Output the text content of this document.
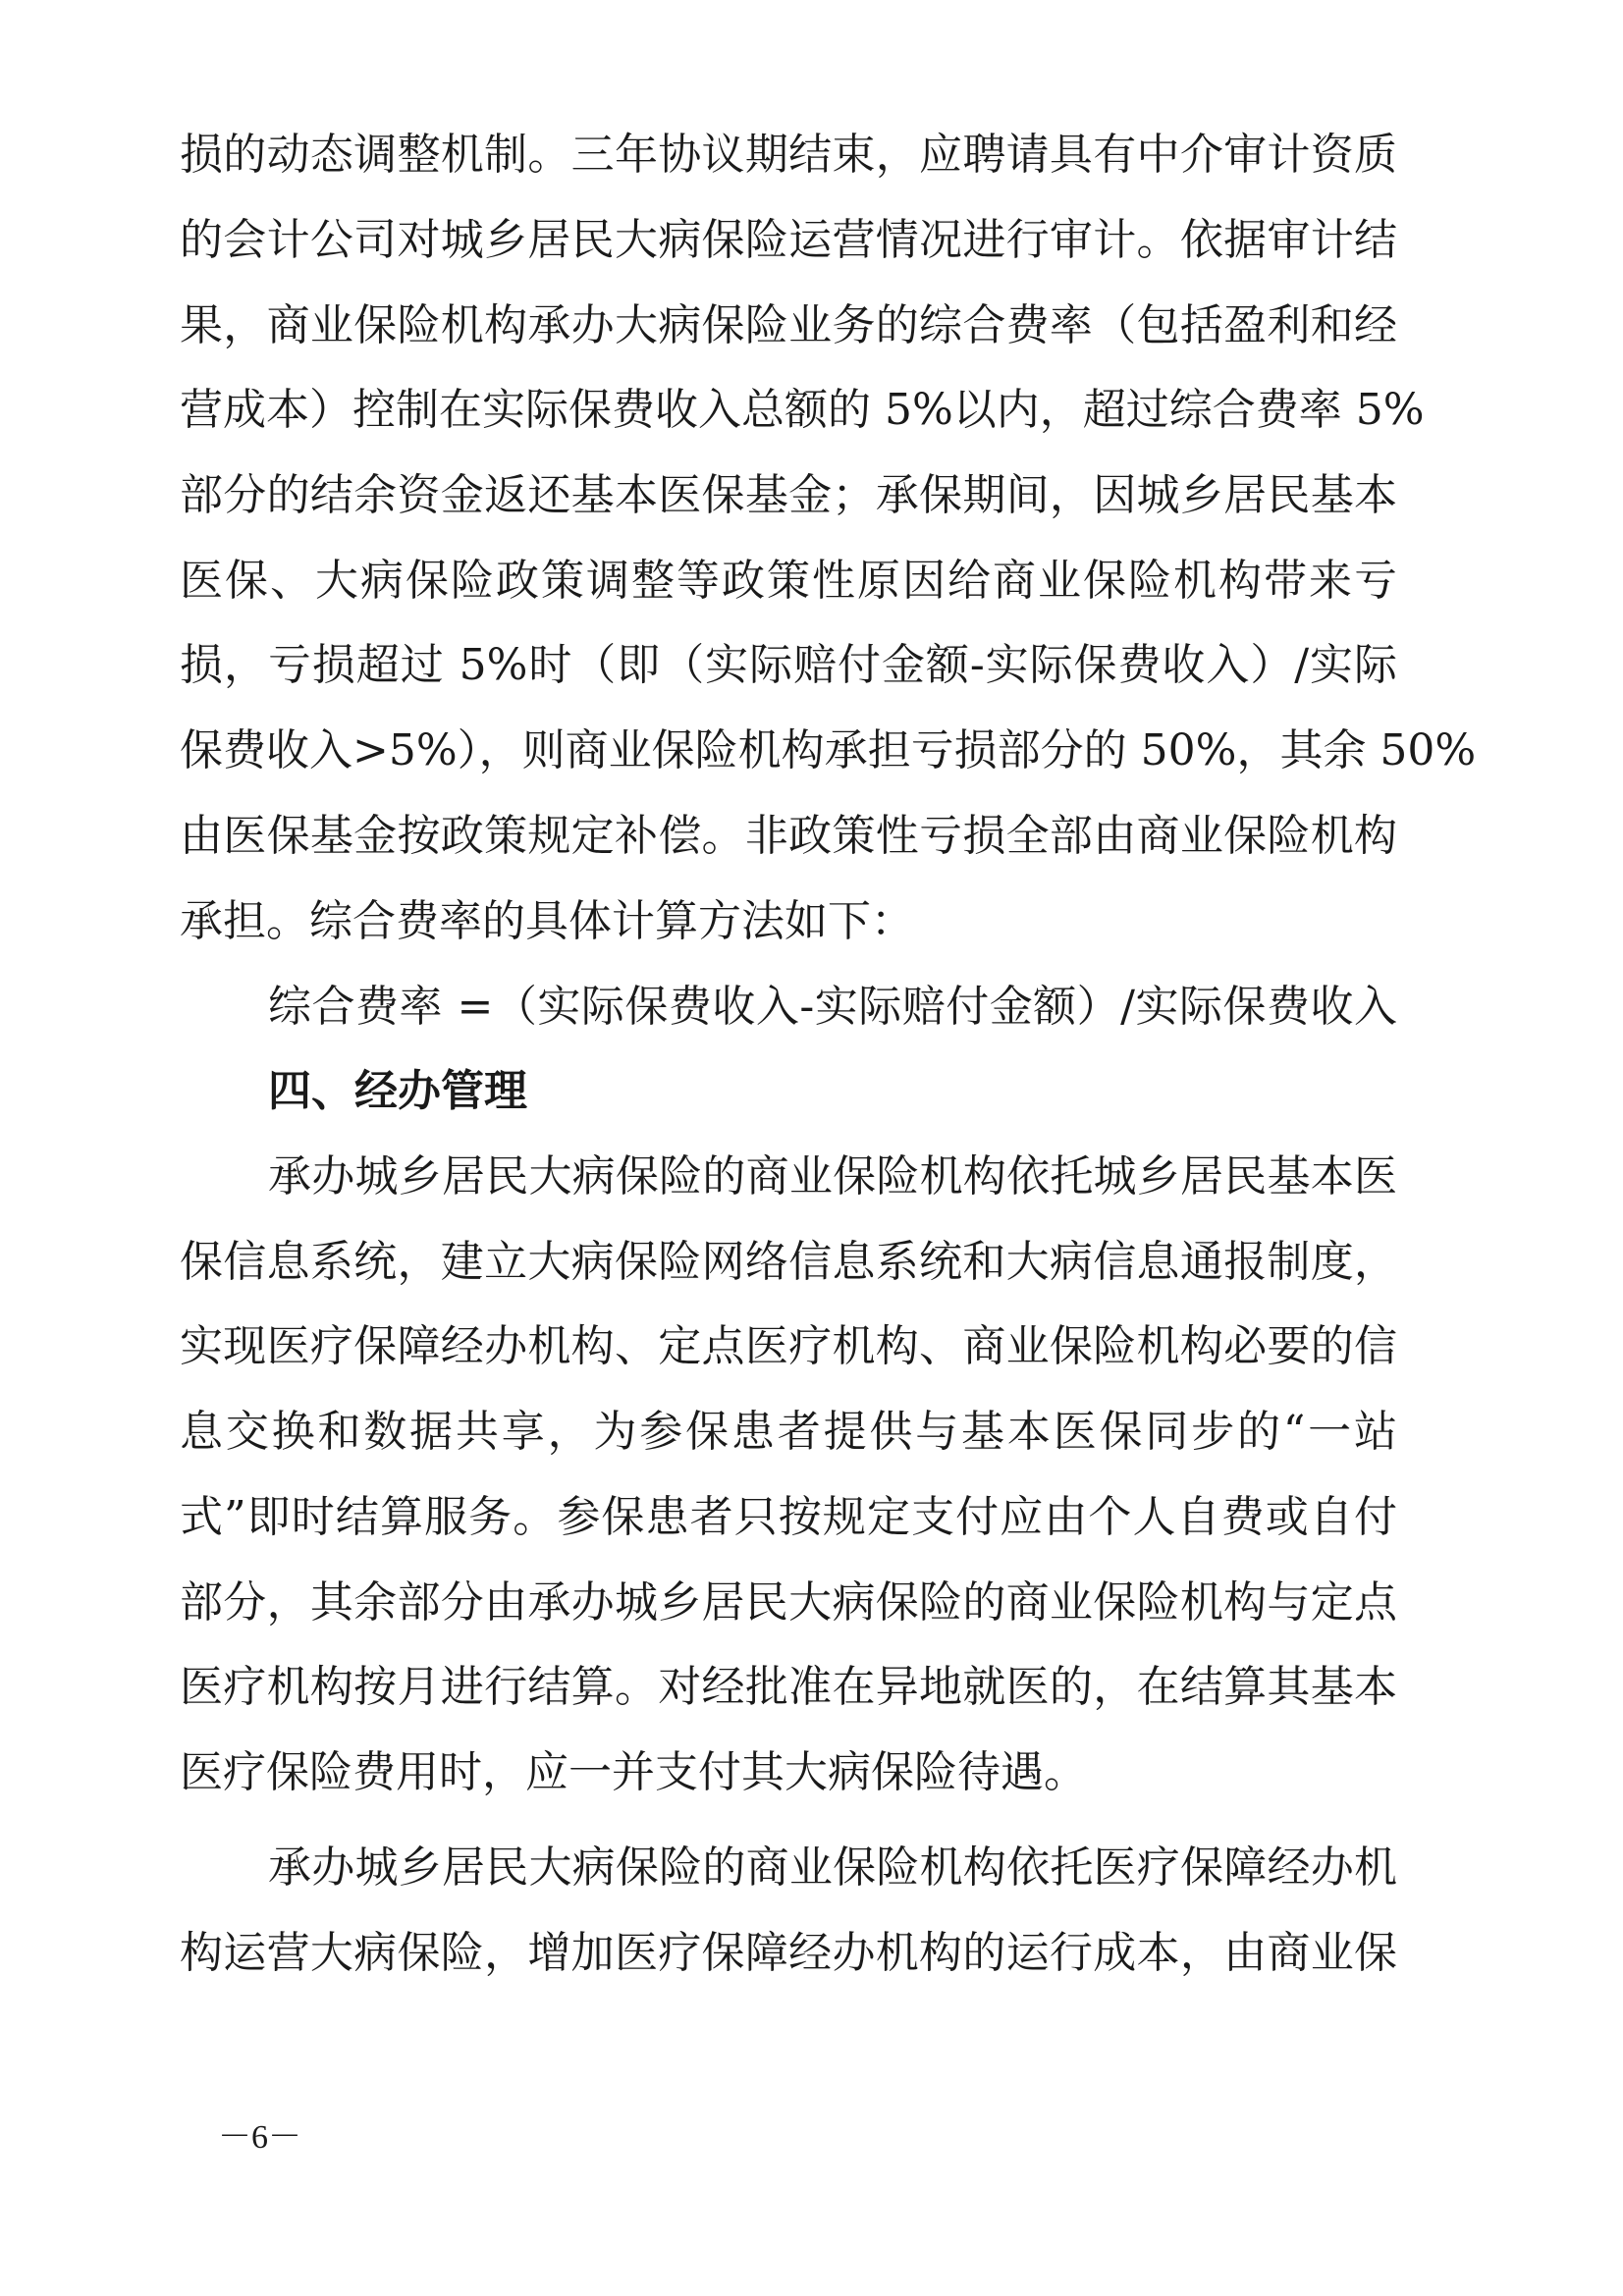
损的动态调整机制。三年协议期结束，应聘请具有中介审计资质
的会计公司对城乡居民大病保险运营情况进行审计。依据审计结
果，商业保险机构承办大病保险业务的综合费率（包括盈利和经
营成本）控制在实际保费收入总额的 5%以内，超过综合费率 5%
部分的结余资金返还基本医保基金；承保期间，因城乡居民基本
医保、大病保险政策调整等政策性原因给商业保险机构带来亏
损，亏损超过 5%时（即（实际赔付金额-实际保费收入）/实际
保费收入>5%），则商业保险机构承担亏损部分的 50%，其余 50%
由医保基金按政策规定补偿。非政策性亏损全部由商业保险机构
承担。综合费率的具体计算方法如下：
综合费率 =（实际保费收入-实际赔付金额）/实际保费收入
四、经办管理
承办城乡居民大病保险的商业保险机构依托城乡居民基本医
保信息系统，建立大病保险网络信息系统和大病信息通报制度，
实现医疗保障经办机构、定点医疗机构、商业保险机构必要的信
息交换和数据共享，为参保患者提供与基本医保同步的“一站
式”即时结算服务。参保患者只按规定支付应由个人自费或自付
部分，其余部分由承办城乡居民大病保险的商业保险机构与定点
医疗机构按月进行结算。对经批准在异地就医的，在结算其基本
医疗保险费用时，应一并支付其大病保险待遇。
承办城乡居民大病保险的商业保险机构依托医疗保障经办机
构运营大病保险，增加医疗保障经办机构的运行成本，由商业保
－6－
